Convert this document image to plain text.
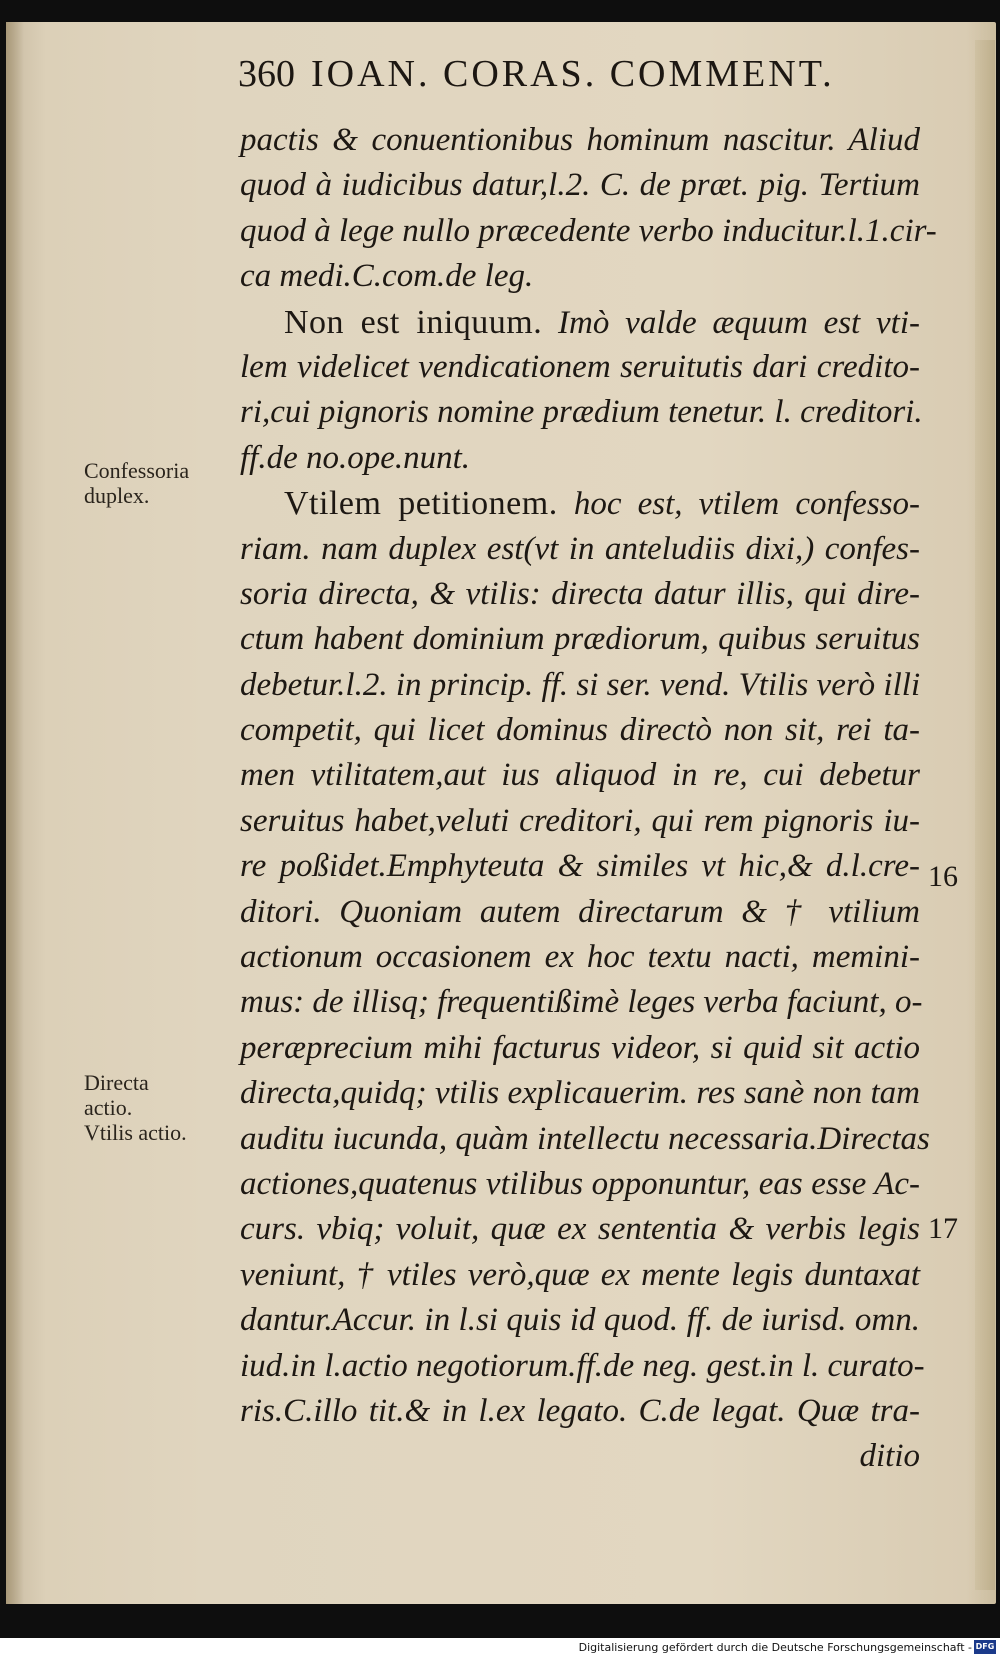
360 IOAN. CORAS. COMMENT.
pactis & conuentionibus hominum nascitur. Aliud
quod à iudicibus datur,l.2. C. de præt. pig. Tertium
quod à lege nullo præcedente verbo inducitur.l.1.cir-
ca medi.C.com.de leg.
Non est iniquum. Imò valde æquum est vti-
lem videlicet vendicationem seruitutis dari credito-
ri,cui pignoris nomine prædium tenetur. l. creditori.
ff.de no.ope.nunt.
Vtilem petitionem. hoc est, vtilem confesso-
riam. nam duplex est(vt in anteludiis dixi,) confes-
soria directa, & vtilis: directa datur illis, qui dire-
ctum habent dominium prædiorum, quibus seruitus
debetur.l.2. in princip. ff. si ser. vend. Vtilis verò illi
competit, qui licet dominus directò non sit, rei ta-
men vtilitatem,aut ius aliquod in re, cui debetur
seruitus habet,veluti creditori, qui rem pignoris iu-
re poßidet.Emphyteuta & similes vt hic,& d.l.cre-
ditori. Quoniam autem directarum & † vtilium
actionum occasionem ex hoc textu nacti, memini-
mus: de illisq; frequentißimè leges verba faciunt, o-
peræprecium mihi facturus videor, si quid sit actio
directa,quidq; vtilis explicauerim. res sanè non tam
auditu iucunda, quàm intellectu necessaria.Directas
actiones,quatenus vtilibus opponuntur, eas esse Ac-
curs. vbiq; voluit, quæ ex sententia & verbis legis
veniunt, † vtiles verò,quæ ex mente legis duntaxat
dantur.Accur. in l.si quis id quod. ff. de iurisd. omn.
iud.in l.actio negotiorum.ff.de neg. gest.in l. curato-
ris.C.illo tit.& in l.ex legato. C.de legat. Quæ tra-
ditio
Confessoria
duplex.
Directa
actio.
Vtilis actio.
16
17
Digitalisierung gefördert durch die Deutsche Forschungsgemeinschaft - DFG
